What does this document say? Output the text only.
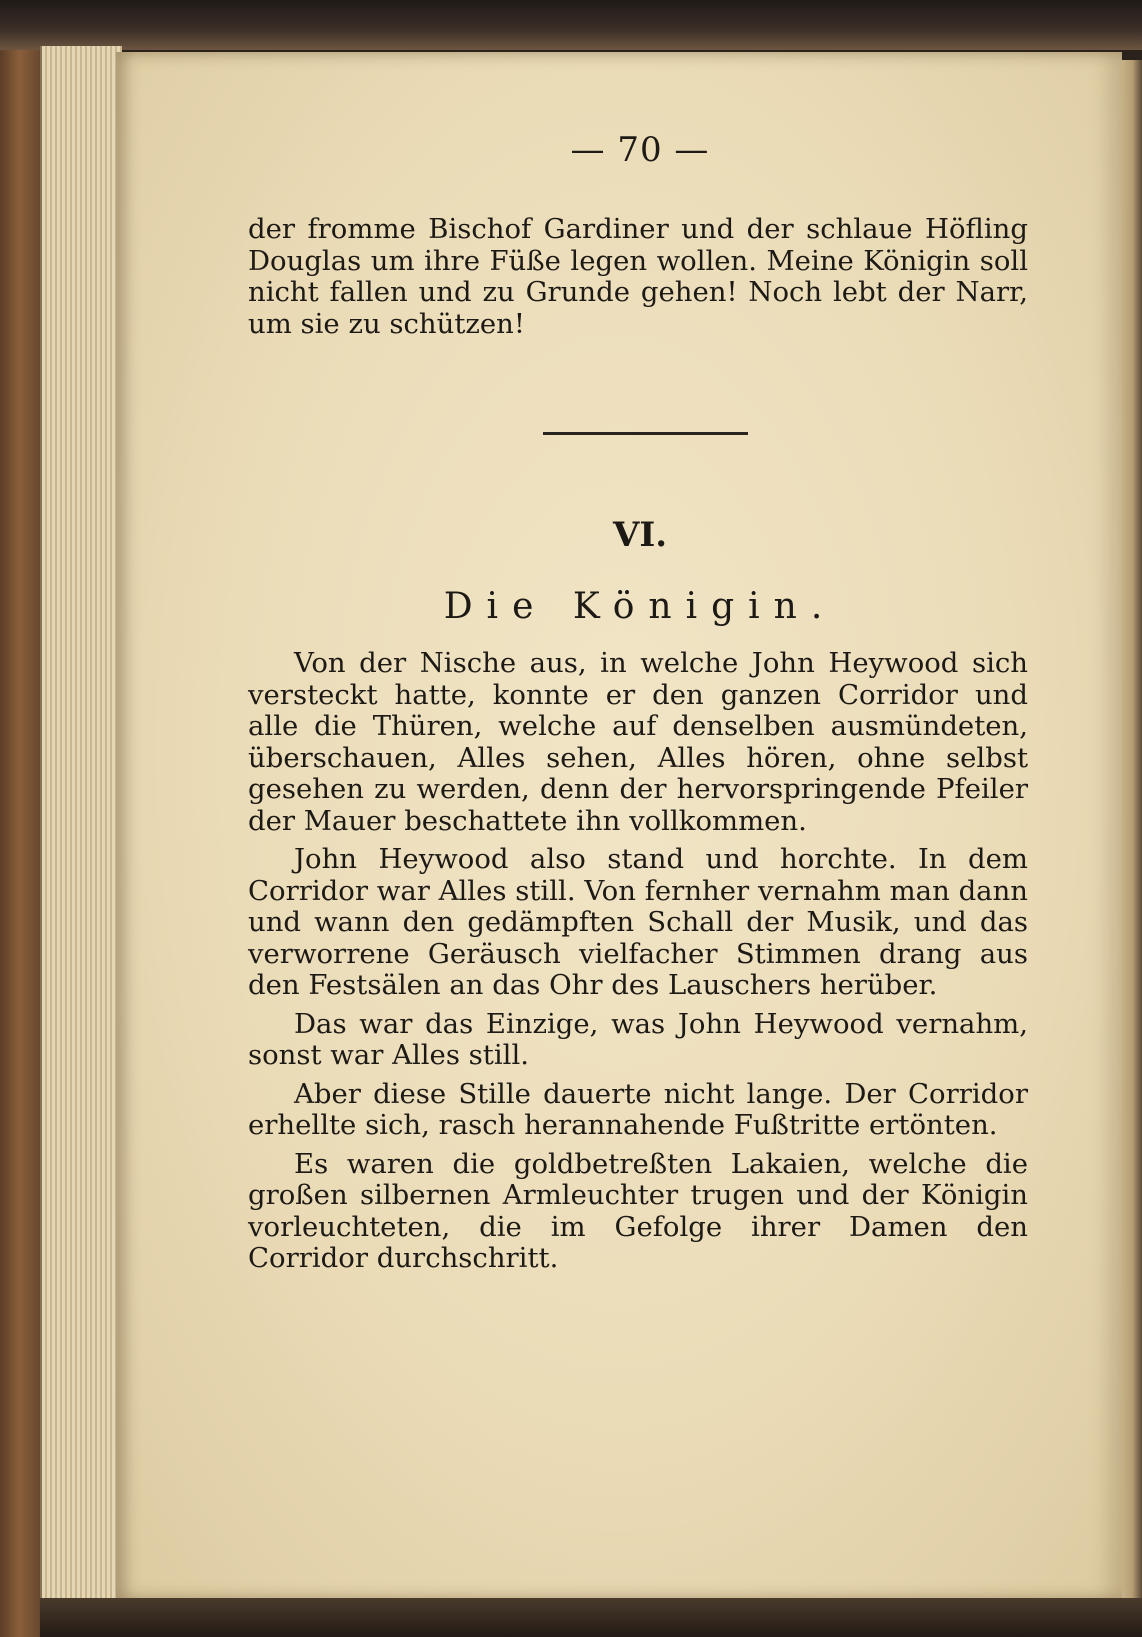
— 70 —

der fromme Bischof Gardiner und der schlaue Höfling Douglas um ihre Füße legen wollen. Meine Königin soll nicht fallen und zu Grunde gehen! Noch lebt der Narr, um sie zu schützen!

VI.
Die Königin.

Von der Nische aus, in welche John Heywood sich versteckt hatte, konnte er den ganzen Corridor und alle die Thüren, welche auf denselben ausmündeten, überschauen, Alles sehen, Alles hören, ohne selbst gesehen zu werden, denn der hervorspringende Pfeiler der Mauer beschattete ihn vollkommen.

John Heywood also stand und horchte. In dem Corridor war Alles still. Von fernher vernahm man dann und wann den gedämpften Schall der Musik, und das verworrene Geräusch vielfacher Stimmen drang aus den Festsälen an das Ohr des Lauschers herüber.

Das war das Einzige, was John Heywood vernahm, sonst war Alles still.

Aber diese Stille dauerte nicht lange. Der Corridor erhellte sich, rasch herannahende Fußtritte ertönten.

Es waren die goldbetreßten Lakaien, welche die großen silbernen Armleuchter trugen und der Königin vorleuchteten, die im Gefolge ihrer Damen den Corridor durchschritt.
